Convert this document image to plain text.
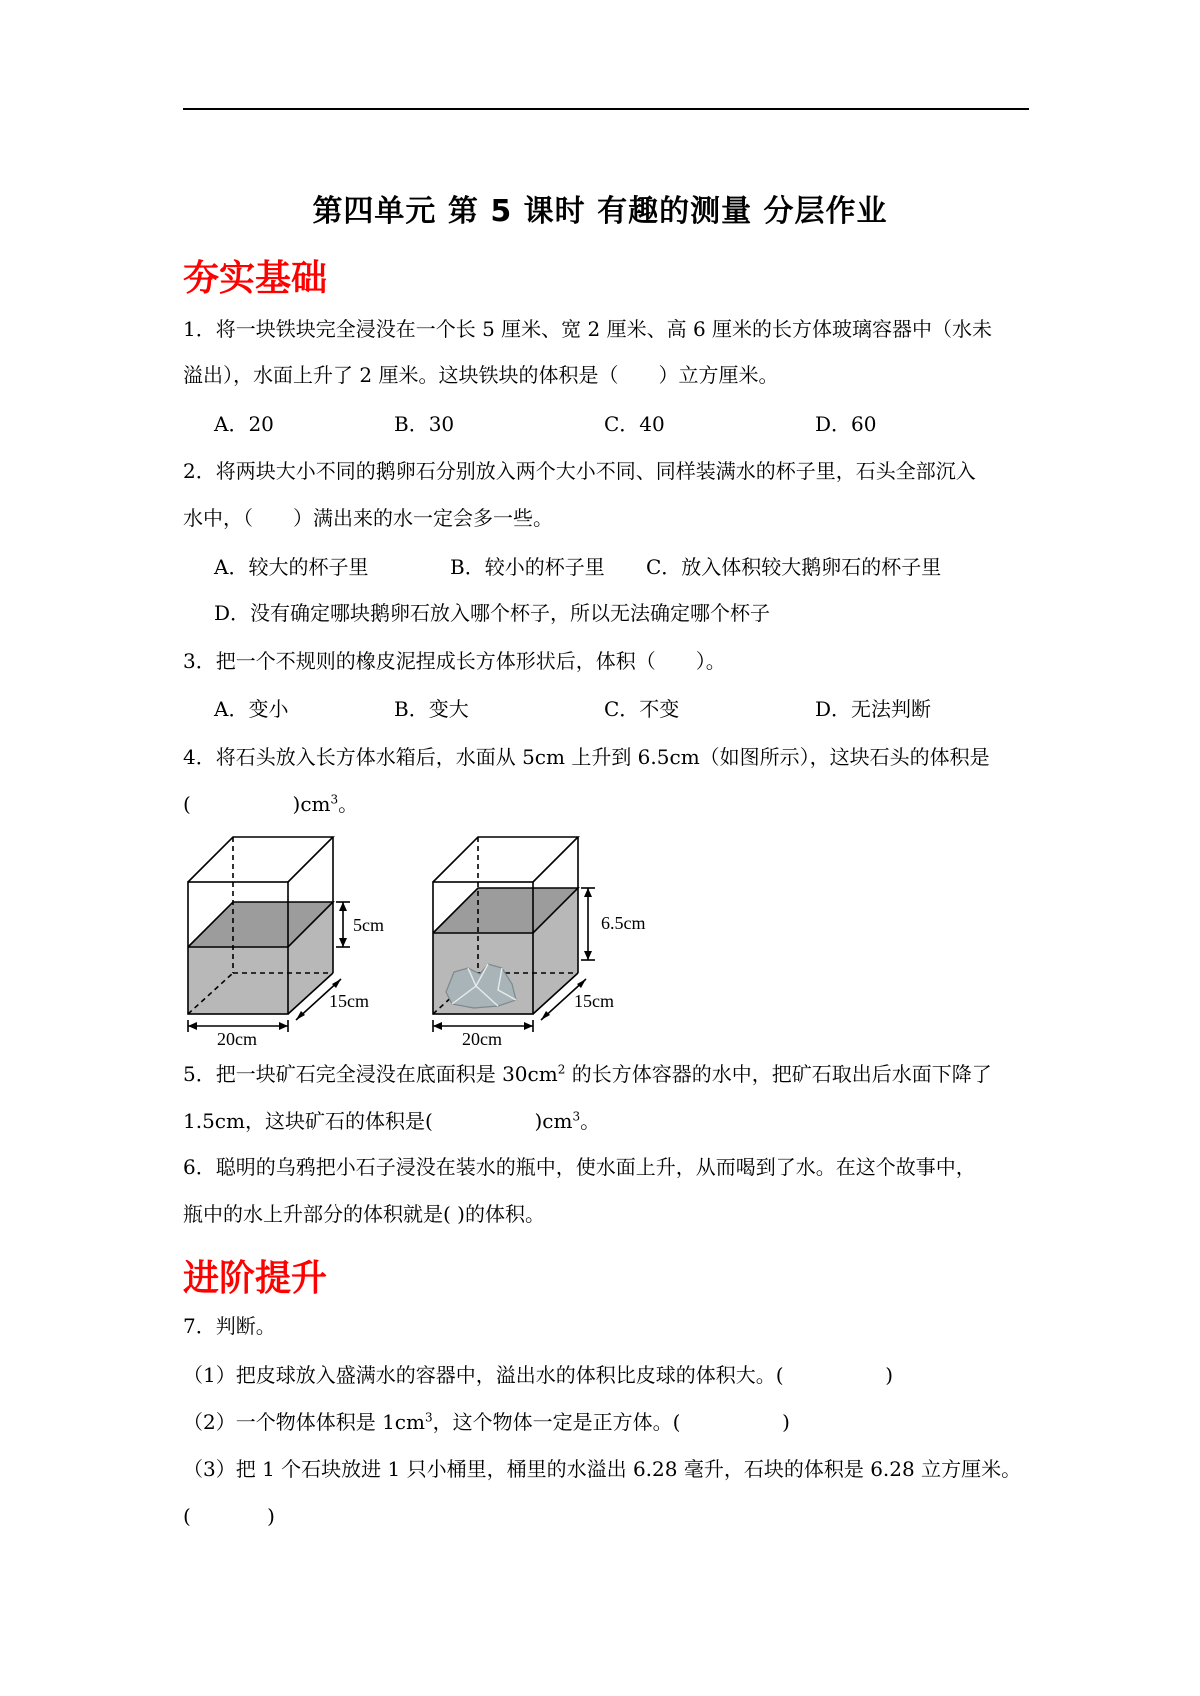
第四单元 第 5 课时 有趣的测量 分层作业
夯实基础
1．将一块铁块完全浸没在一个长 5 厘米、宽 2 厘米、高 6 厘米的长方体玻璃容器中（水未
溢出），水面上升了 2 厘米。这块铁块的体积是（　　）立方厘米。
A．20	B．30	C．40	D．60
2．将两块大小不同的鹅卵石分别放入两个大小不同、同样装满水的杯子里，石头全部沉入
水中，（　　）满出来的水一定会多一些。
A．较大的杯子里	B．较小的杯子里 C．放入体积较大鹅卵石的杯子里
D．没有确定哪块鹅卵石放入哪个杯子，所以无法确定哪个杯子
3．把一个不规则的橡皮泥捏成长方体形状后，体积（　　）。
A．变小	B．变大	C．不变	D．无法判断
4．将石头放入长方体水箱后，水面从 5cm 上升到 6.5cm（如图所示），这块石头的体积是
(                )$cm^3$。
5cm
15cm
20cm
6.5cm
15cm
20cm
5．把一块矿石完全浸没在底面积是 $30cm^2$ 的长方体容器的水中，把矿石取出后水面下降了
1.5cm，这块矿石的体积是(                )$cm^3$。
6．聪明的乌鸦把小石子浸没在装水的瓶中，使水面上升，从而喝到了水。在这个故事中，
瓶中的水上升部分的体积就是( )的体积。
进阶提升
7．判断。
（1）把皮球放入盛满水的容器中，溢出水的体积比皮球的体积大。(                )
（2）一个物体体积是 $1cm^3$，这个物体一定是正方体。(                )
（3）把 1 个石块放进 1 只小桶里，桶里的水溢出 6.28 毫升，石块的体积是 6.28 立方厘米。
(            )
